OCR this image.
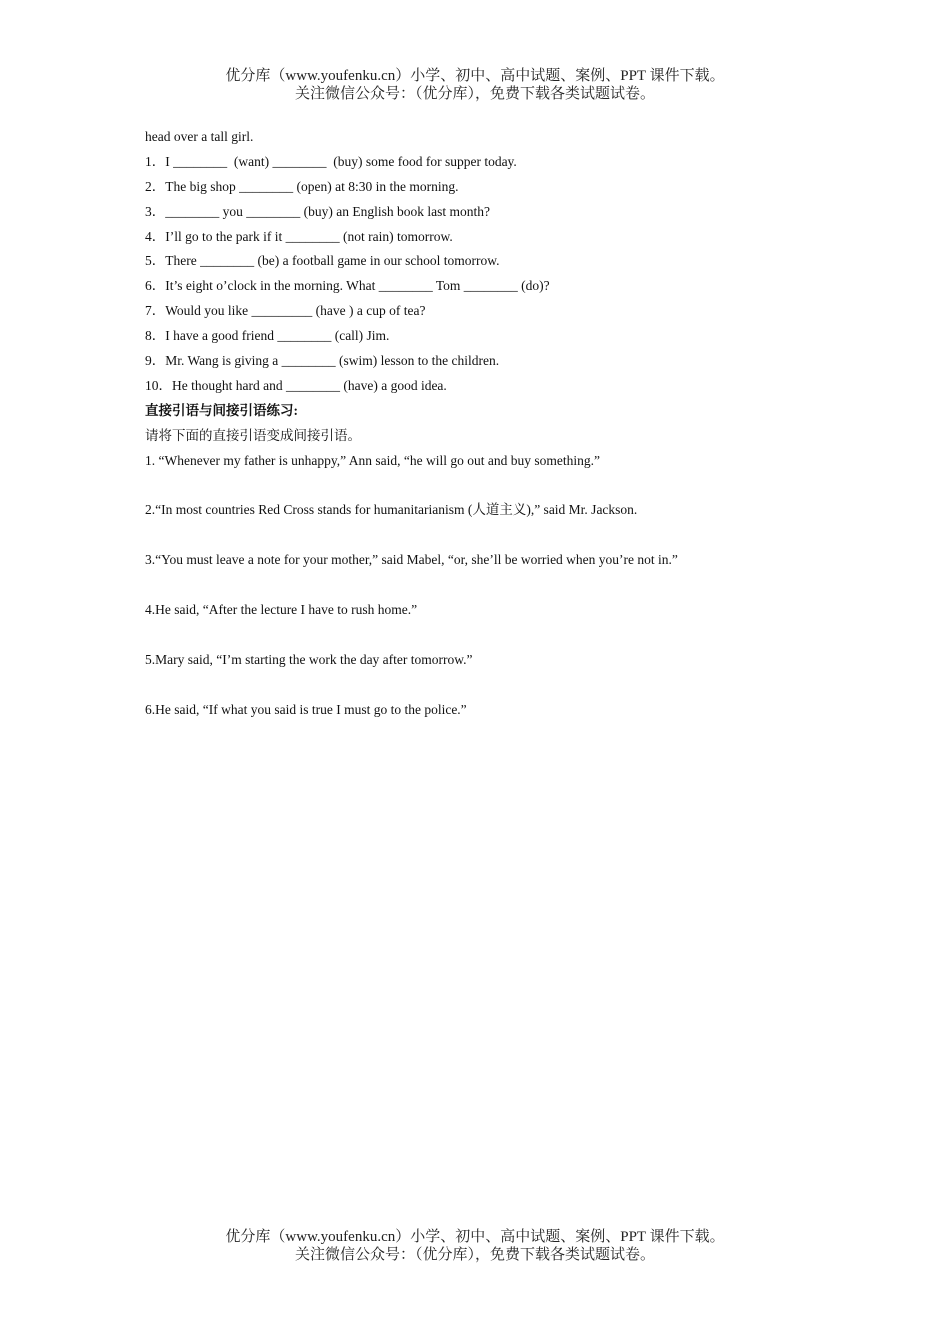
优分库（www.youfenku.cn）小学、初中、高中试题、案例、PPT 课件下载。
关注微信公众号：（优分库），免费下载各类试题试卷。
head over a tall girl.
1．I ________  (want) ________  (buy) some food for supper today.
2．The big shop ________ (open) at 8:30 in the morning.
3．________ you ________ (buy) an English book last month?
4．I’ll go to the park if it ________ (not rain) tomorrow.
5．There ________ (be) a football game in our school tomorrow.
6．It’s eight o’clock in the morning. What ________ Tom ________ (do)?
7．Would you like _________ (have ) a cup of tea?
8．I have a good friend ________ (call) Jim.
9．Mr. Wang is giving a ________ (swim) lesson to the children.
10．He thought hard and ________ (have) a good idea.
直接引语与间接引语练习:
请将下面的直接引语变成间接引语。
1. “Whenever my father is unhappy,” Ann said, “he will go out and buy something.”
2.“In most countries Red Cross stands for humanitarianism (人道主义),” said Mr. Jackson.
3.“You must leave a note for your mother,” said Mabel, “or, she’ll be worried when you’re not in.”
4.He said, “After the lecture I have to rush home.”
5.Mary said, “I’m starting the work the day after tomorrow.”
6.He said, “If what you said is true I must go to the police.”
优分库（www.youfenku.cn）小学、初中、高中试题、案例、PPT 课件下载。
关注微信公众号：（优分库），免费下载各类试题试卷。
